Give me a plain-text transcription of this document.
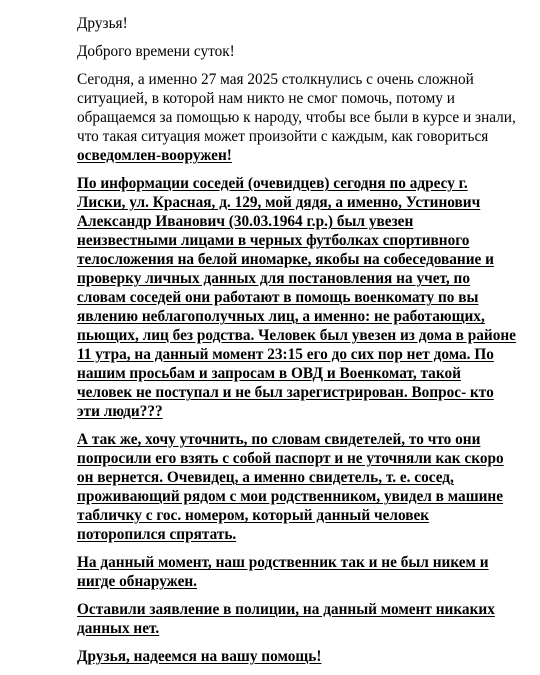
Друзья!

Доброго времени суток!

Сегодня, а именно 27 мая 2025 столкнулись с очень сложной ситуацией, в которой нам никто не смог помочь, потому и обращаемся за помощью к народу, чтобы все были в курсе и знали, что такая ситуация может произойти с каждым, как говориться осведомлен-вооружен!

По информации соседей (очевидцев) сегодня по адресу г. Лиски, ул. Красная, д. 129, мой дядя, а именно, Устинович Александр Иванович (30.03.1964 г.р.) был увезен неизвестными лицами в черных футболках спортивного телосложения на белой иномарке, якобы на собеседование и проверку личных данных для постановления на учет, по словам соседей они работают в помощь военкомату по вы явлению неблагополучных лиц, а именно: не работающих, пьющих, лиц без родства. Человек был увезен из дома в районе 11 утра, на данный момент 23:15 его до сих пор нет дома. По нашим просьбам и запросам в ОВД и Военкомат, такой человек не поступал и не был зарегистрирован. Вопрос- кто эти люди???

А так же, хочу уточнить, по словам свидетелей, то что они попросили его взять с собой паспорт и не уточняли как скоро он вернется. Очевидец, а именно свидетель, т. е. сосед, проживающий рядом с мои родственником, увидел в машине табличку с гос. номером, который данный человек поторопился спрятать.

На данный момент, наш родственник так и не был никем и нигде обнаружен.

Оставили заявление в полиции, на данный момент никаких данных нет.

Друзья, надеемся на вашу помощь!
